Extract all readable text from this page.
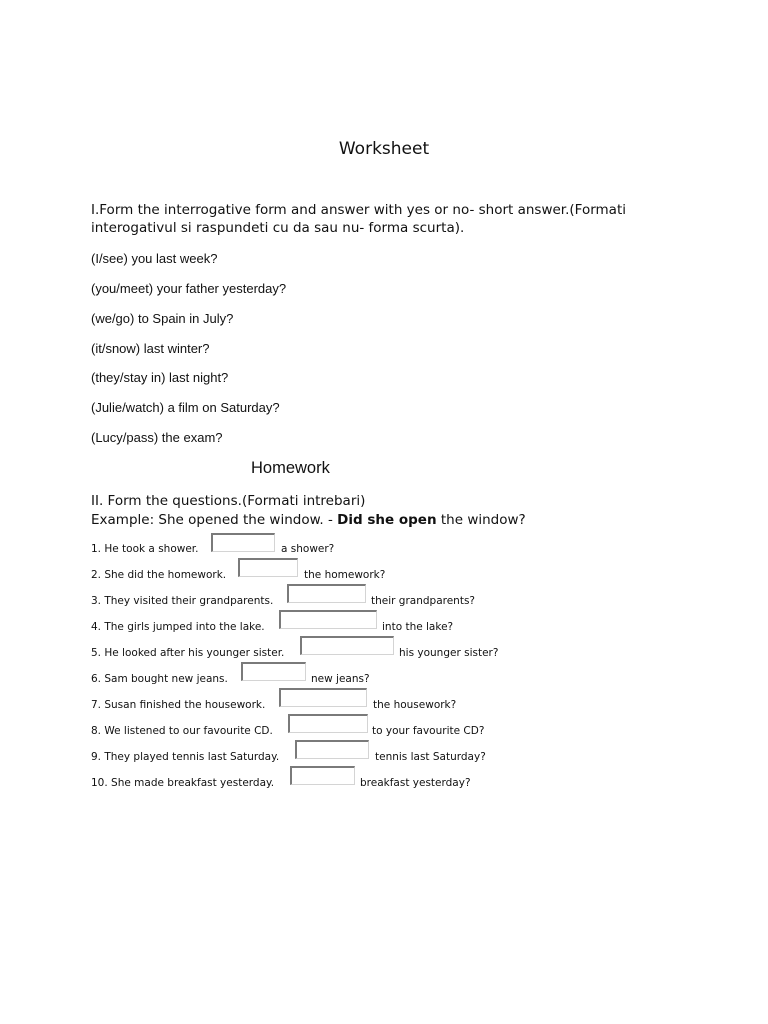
Worksheet
I.Form the interrogative form and answer with yes or no- short answer.(Formati interogativul si raspundeti cu da sau nu- forma scurta).
(I/see) you last week?
(you/meet) your father yesterday?
(we/go) to Spain in July?
(it/snow) last winter?
(they/stay in) last night?
(Julie/watch) a film on Saturday?
(Lucy/pass) the exam?
Homework
II. Form the questions.(Formati intrebari)
Example: She opened the window. - Did she open the window?
1. He took a shower.	a shower?
2. She did the homework.	the homework?
3. They visited their grandparents.	their grandparents?
4. The girls jumped into the lake.	into the lake?
5. He looked after his younger sister.	his younger sister?
6. Sam bought new jeans.	new jeans?
7. Susan finished the housework.	the housework?
8. We listened to our favourite CD.	to your favourite CD?
9. They played tennis last Saturday.	tennis last Saturday?
10. She made breakfast yesterday.	breakfast yesterday?
